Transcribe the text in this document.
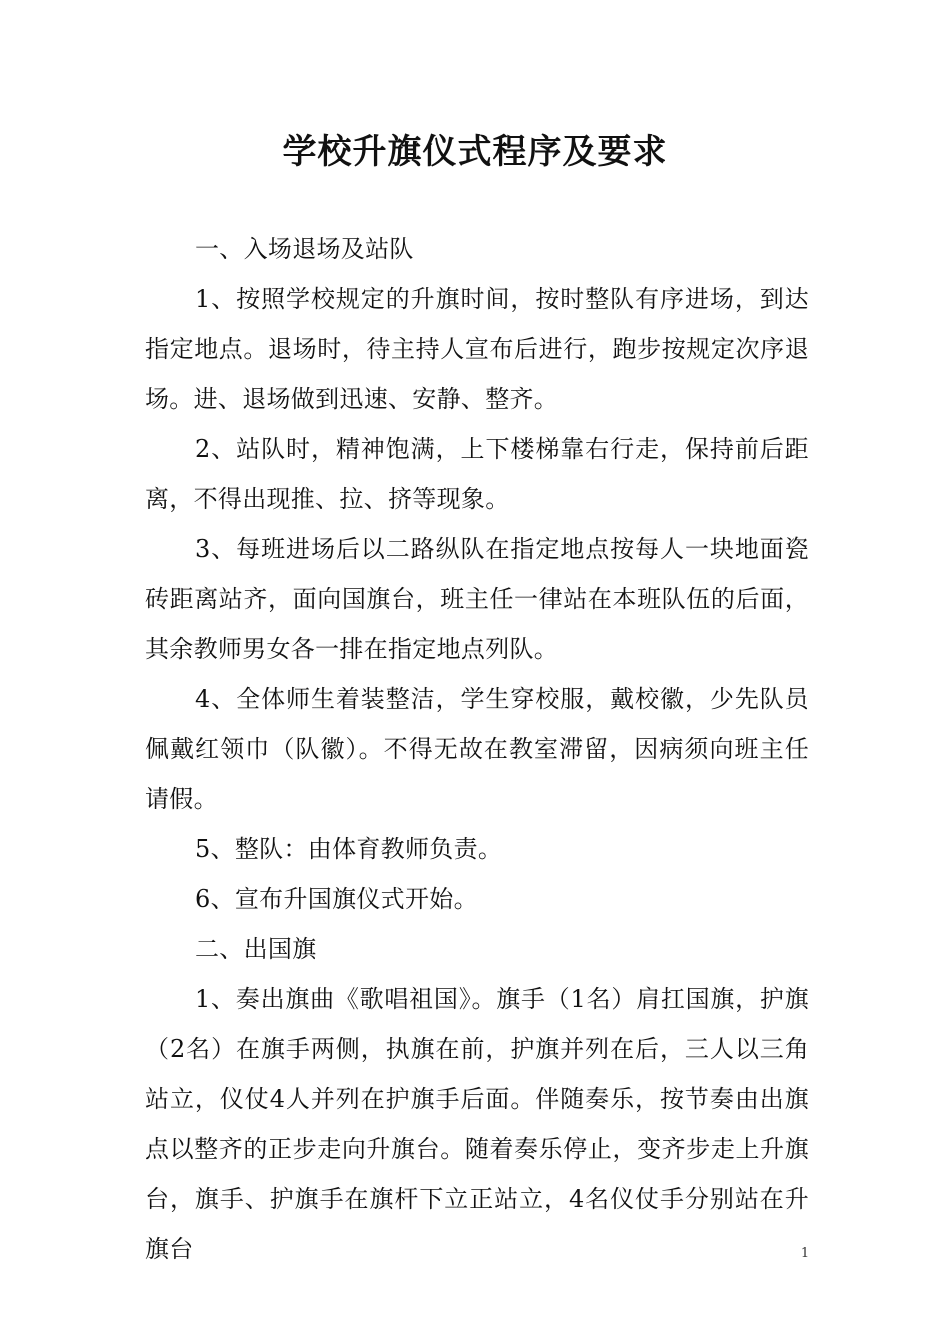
学校升旗仪式程序及要求

一、入场退场及站队

1、按照学校规定的升旗时间，按时整队有序进场，到达指定地点。退场时，待主持人宣布后进行，跑步按规定次序退场。进、退场做到迅速、安静、整齐。

2、站队时，精神饱满，上下楼梯靠右行走，保持前后距离，不得出现推、拉、挤等现象。

3、每班进场后以二路纵队在指定地点按每人一块地面瓷砖距离站齐，面向国旗台，班主任一律站在本班队伍的后面，其余教师男女各一排在指定地点列队。

4、全体师生着装整洁，学生穿校服，戴校徽，少先队员佩戴红领巾（队徽）。不得无故在教室滞留，因病须向班主任请假。

5、整队：由体育教师负责。

6、宣布升国旗仪式开始。

二、出国旗

1、奏出旗曲《歌唱祖国》。旗手（1名）肩扛国旗，护旗（2名）在旗手两侧，执旗在前，护旗并列在后，三人以三角站立，仪仗4人并列在护旗手后面。伴随奏乐，按节奏由出旗点以整齐的正步走向升旗台。随着奏乐停止，变齐步走上升旗台，旗手、护旗手在旗杆下立正站立，4名仪仗手分别站在升旗台	1
